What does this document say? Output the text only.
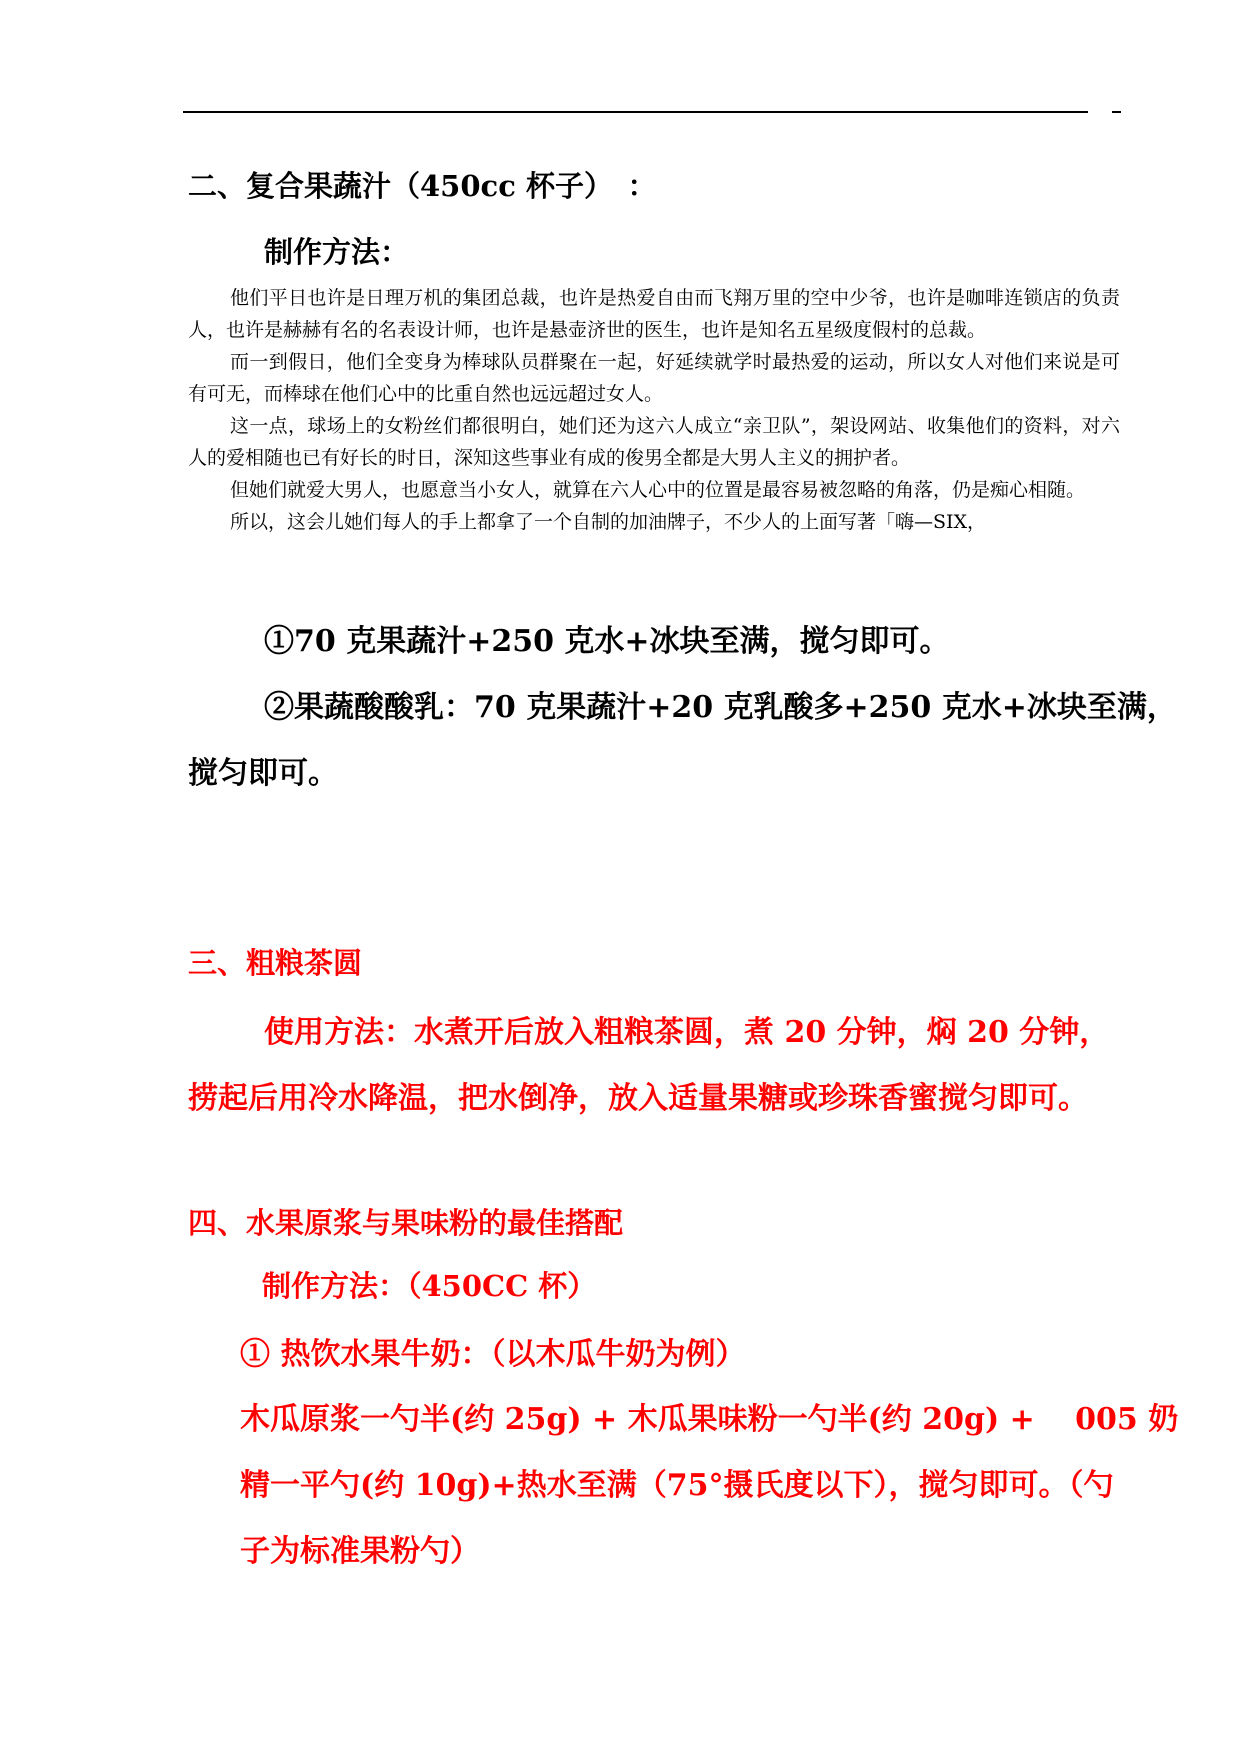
二、复合果蔬汁（450cc 杯子）　：
制作方法：

他们平日也许是日理万机的集团总裁，也许是热爱自由而飞翔万里的空中少爷，也许是咖啡连锁店的负责人，也许是赫赫有名的名表设计师，也许是悬壶济世的医生，也许是知名五星级度假村的总裁。

而一到假日，他们全变身为棒球队员群聚在一起，好延续就学时最热爱的运动，所以女人对他们来说是可有可无，而棒球在他们心中的比重自然也远远超过女人。

这一点，球场上的女粉丝们都很明白，她们还为这六人成立“亲卫队”，架设网站、收集他们的资料，对六人的爱相随也已有好长的时日，深知这些事业有成的俊男全都是大男人主义的拥护者。

但她们就爱大男人，也愿意当小女人，就算在六人心中的位置是最容易被忽略的角落，仍是痴心相随。

所以，这会儿她们每人的手上都拿了一个自制的加油牌子，不少人的上面写著「嗨—SIX，

①70 克果蔬汁+250 克水+冰块至满，搅匀即可。
②果蔬酸酸乳：70 克果蔬汁+20 克乳酸多+250 克水+冰块至满，
搅匀即可。
三、粗粮茶圆
使用方法：水煮开后放入粗粮茶圆，煮 20 分钟，焖 20 分钟，
捞起后用冷水降温，把水倒净，放入适量果糖或珍珠香蜜搅匀即可。
四、水果原浆与果味粉的最佳搭配
制作方法：（450CC 杯）
① 热饮水果牛奶：（以木瓜牛奶为例）
木瓜原浆一勺半(约 25g) + 木瓜果味粉一勺半(约 20g) +　 005 奶
精一平勺(约 10g)+热水至满（75°摄氏度以下），搅匀即可。（勺
子为标准果粉勺）
